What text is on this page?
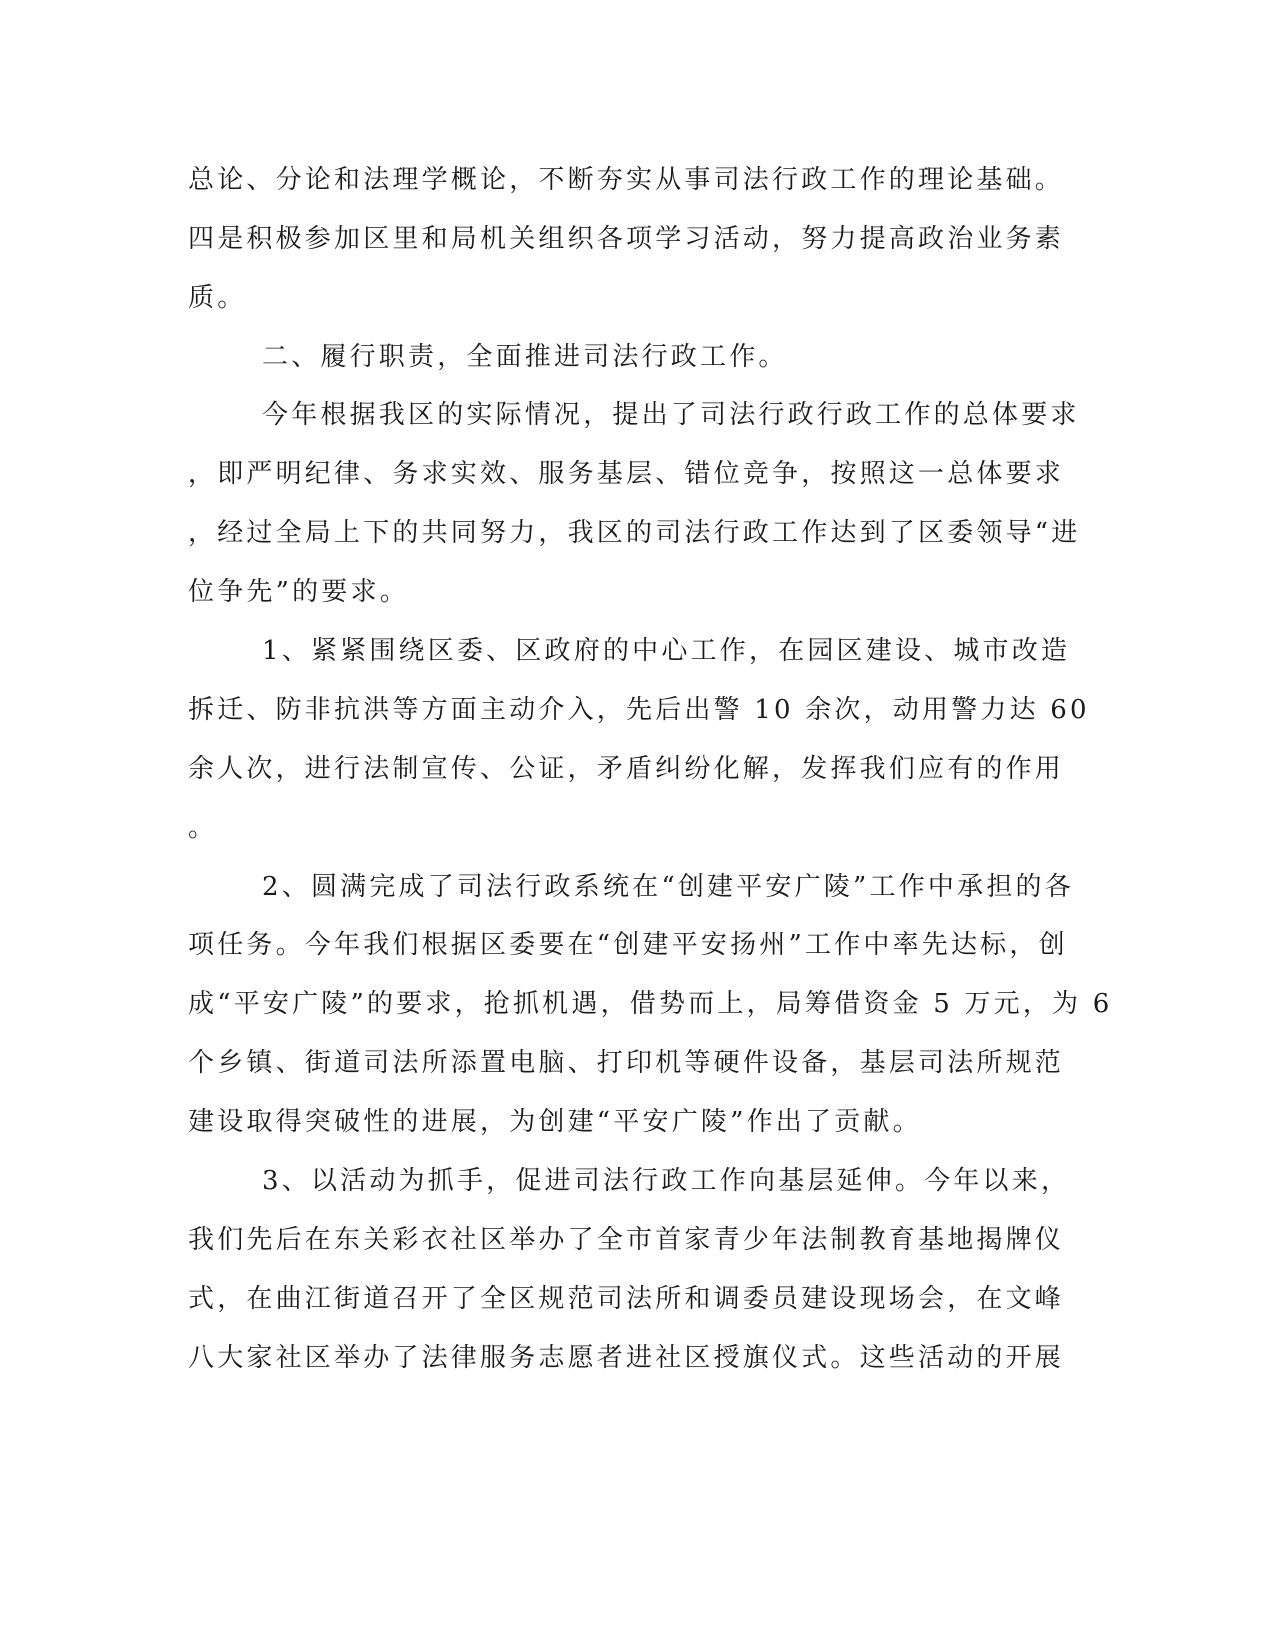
总论、分论和法理学概论，不断夯实从事司法行政工作的理论基础。

四是积极参加区里和局机关组织各项学习活动，努力提高政治业务素

质。

二、履行职责，全面推进司法行政工作。

今年根据我区的实际情况，提出了司法行政行政工作的总体要求

，即严明纪律、务求实效、服务基层、错位竞争，按照这一总体要求

，经过全局上下的共同努力，我区的司法行政工作达到了区委领导“进

位争先”的要求。

1、紧紧围绕区委、区政府的中心工作，在园区建设、城市改造

拆迁、防非抗洪等方面主动介入，先后出警 10 余次，动用警力达 60

余人次，进行法制宣传、公证，矛盾纠纷化解，发挥我们应有的作用

。

2、圆满完成了司法行政系统在“创建平安广陵”工作中承担的各

项任务。今年我们根据区委要在“创建平安扬州”工作中率先达标，创

成“平安广陵”的要求，抢抓机遇，借势而上，局筹借资金 5 万元，为 6

个乡镇、街道司法所添置电脑、打印机等硬件设备，基层司法所规范

建设取得突破性的进展，为创建“平安广陵”作出了贡献。

3、以活动为抓手，促进司法行政工作向基层延伸。今年以来，

我们先后在东关彩衣社区举办了全市首家青少年法制教育基地揭牌仪

式，在曲江街道召开了全区规范司法所和调委员建设现场会，在文峰

八大家社区举办了法律服务志愿者进社区授旗仪式。这些活动的开展
